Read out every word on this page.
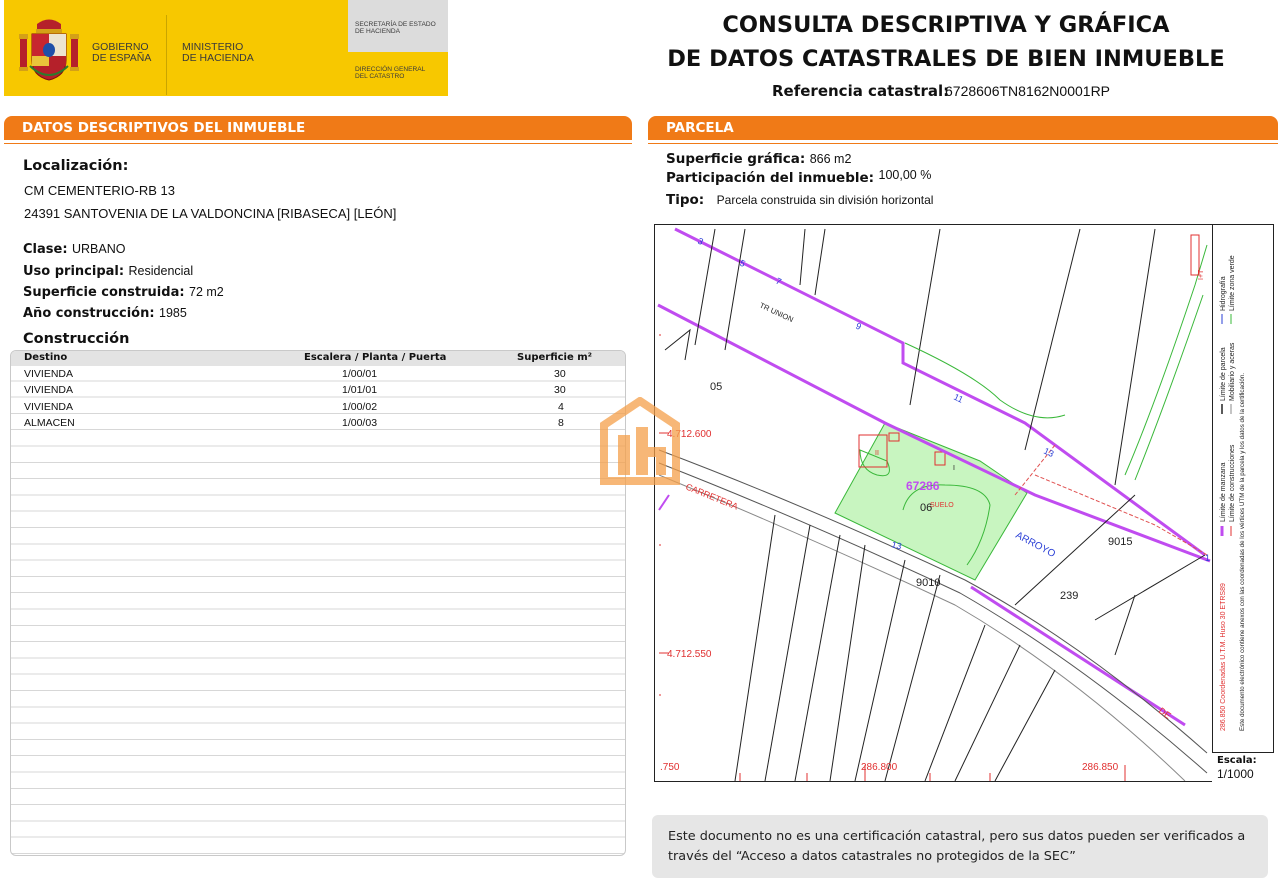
GOBIERNO
DE ESPAÑA
MINISTERIO
DE HACIENDA
SECRETARÍA DE ESTADO
DE HACIENDA
DIRECCIÓN GENERAL
DEL CATASTRO
CONSULTA DESCRIPTIVA Y GRÁFICA
DE DATOS CATASTRALES DE BIEN INMUEBLE
Referencia catastral:
6728606TN8162N0001RP
DATOS DESCRIPTIVOS DEL INMUEBLE
Localización:
CM CEMENTERIO-RB 13
24391 SANTOVENIA DE LA VALDONCINA [RIBASECA] [LEÓN]
Clase: URBANO
Uso principal: Residencial
Superficie construida: 72 m2
Año construcción: 1985
Construcción
Destino	Escalera / Planta / Puerta	Superficie m²
VIVIENDA	1/00/01	30
VIVIENDA	1/01/01	30
VIVIENDA	1/00/02	4
ALMACEN	1/00/03	8
PARCELA
Superficie gráfica: 866 m2
Participación del inmueble: 100,00 %
Tipo: Parcela construida sin división horizontal
3
5
7
9
11
13
13
1
TR UNION
05
06
67286
SUELO
CARRETERA
ARROYO	9015
9010
239
DE
II
I
4.712.600
4.712.550
.750	286.800	286.850
I+T
Límite de manzana
Límite de parcela
Hidrografía
Límite de construcciones
Mobiliario y aceras
Límite zona verde
286.850 Coordenadas U.T.M. Huso 30 ETRS89 Este documento electrónico contiene anexos con las coordenadas de los vértices UTM de la parcela y los datos de la certificación.
Escala:
1/1000
Este documento no es una certificación catastral, pero sus datos pueden ser verificados a través del “Acceso a datos catastrales no protegidos de la SEC”
